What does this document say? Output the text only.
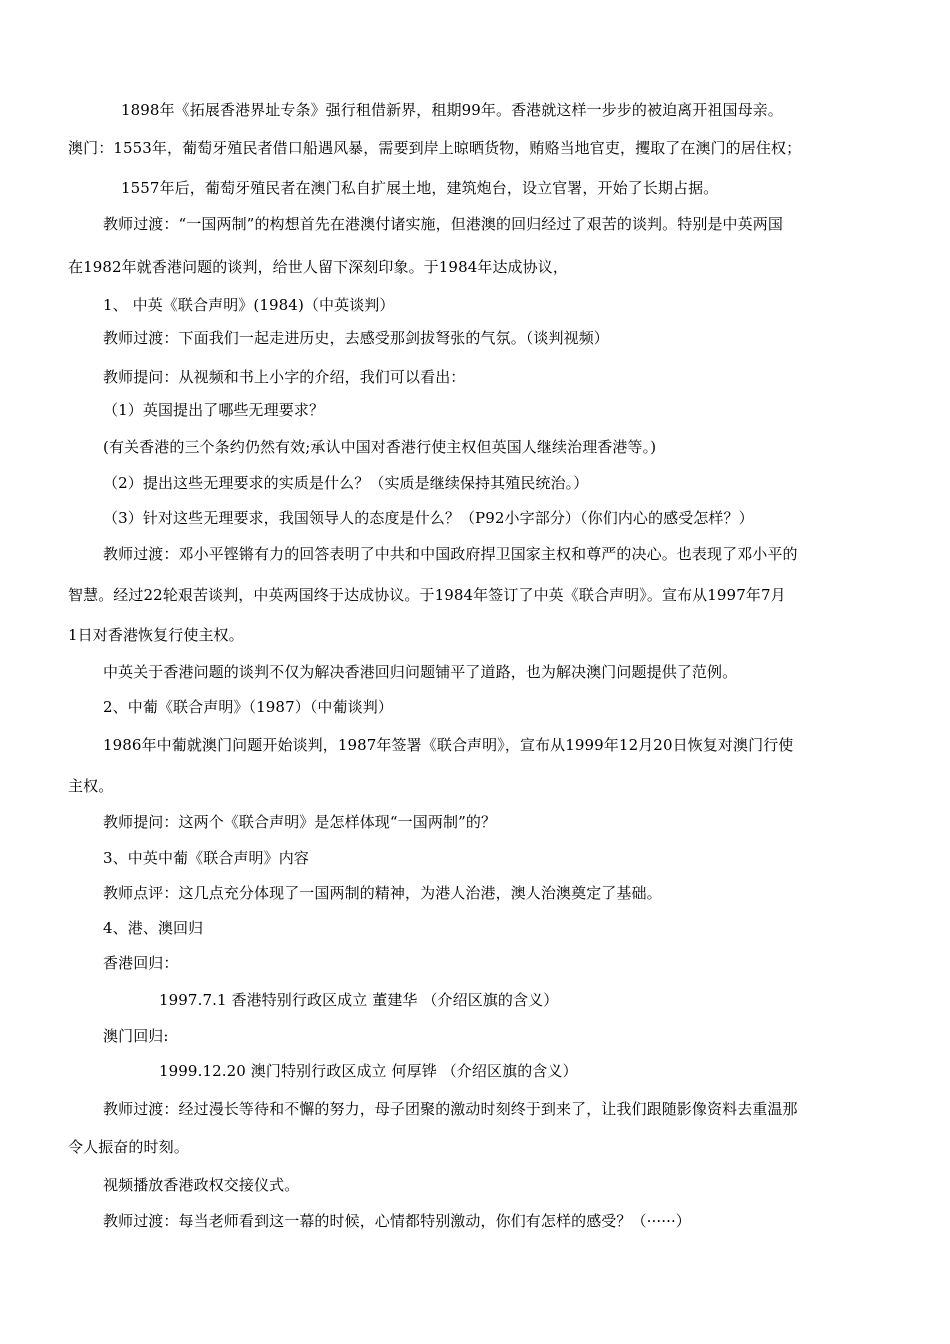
1898年《拓展香港界址专条》强行租借新界，租期99年。香港就这样一步步的被迫离开祖国母亲。
澳门：1553年，葡萄牙殖民者借口船遇风暴，需要到岸上晾晒货物，贿赂当地官吏，攫取了在澳门的居住权；
1557年后，葡萄牙殖民者在澳门私自扩展土地，建筑炮台，设立官署，开始了长期占据。
教师过渡：“一国两制”的构想首先在港澳付诸实施，但港澳的回归经过了艰苦的谈判。特别是中英两国
在1982年就香港问题的谈判，给世人留下深刻印象。于1984年达成协议，
1、 中英《联合声明》(1984)（中英谈判）
教师过渡：下面我们一起走进历史，去感受那剑拔弩张的气氛。（谈判视频）
教师提问：从视频和书上小字的介绍，我们可以看出：
（1）英国提出了哪些无理要求？
(有关香港的三个条约仍然有效;承认中国对香港行使主权但英国人继续治理香港等。)
（2）提出这些无理要求的实质是什么？（实质是继续保持其殖民统治。）
（3）针对这些无理要求，我国领导人的态度是什么？（P92小字部分）（你们内心的感受怎样？）
教师过渡：邓小平铿锵有力的回答表明了中共和中国政府捍卫国家主权和尊严的决心。也表现了邓小平的
智慧。经过22轮艰苦谈判，中英两国终于达成协议。于1984年签订了中英《联合声明》。宣布从1997年7月
1日对香港恢复行使主权。
中英关于香港问题的谈判不仅为解决香港回归问题铺平了道路，也为解决澳门问题提供了范例。
2、中葡《联合声明》（1987）（中葡谈判）
1986年中葡就澳门问题开始谈判，1987年签署《联合声明》，宣布从1999年12月20日恢复对澳门行使
主权。
教师提问：这两个《联合声明》是怎样体现“一国两制”的？
3、中英中葡《联合声明》内容
教师点评：这几点充分体现了一国两制的精神，为港人治港，澳人治澳奠定了基础。
4、港、澳回归
香港回归：
1997.7.1 香港特别行政区成立 董建华 （介绍区旗的含义）
澳门回归:
1999.12.20 澳门特别行政区成立 何厚铧 （介绍区旗的含义）
教师过渡：经过漫长等待和不懈的努力，母子团聚的激动时刻终于到来了，让我们跟随影像资料去重温那
令人振奋的时刻。
视频播放香港政权交接仪式。
教师过渡：每当老师看到这一幕的时候，心情都特别激动，你们有怎样的感受？（······）
